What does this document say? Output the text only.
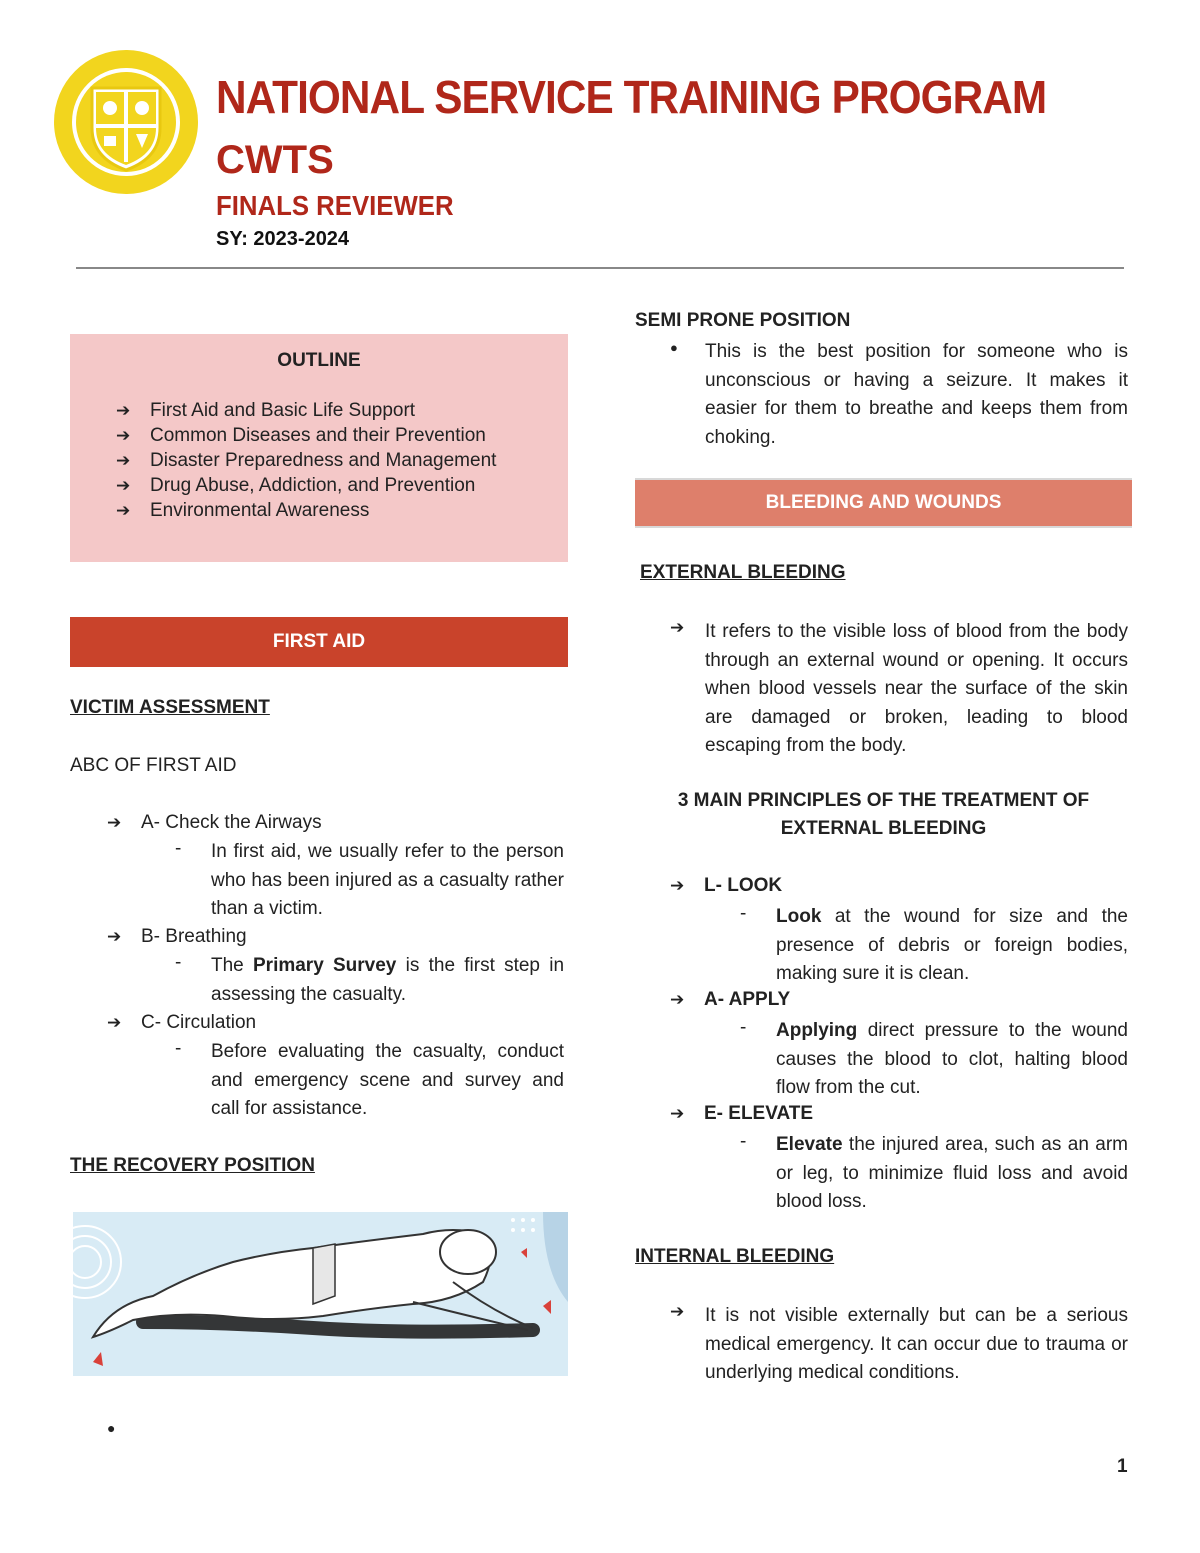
NATIONAL SERVICE TRAINING PROGRAM
CWTS
FINALS REVIEWER
SY: 2023-2024
OUTLINE
➔ First Aid and Basic Life Support
➔ Common Diseases and their Prevention
➔ Disaster Preparedness and Management
➔ Drug Abuse, Addiction, and Prevention
➔ Environmental Awareness
FIRST AID
VICTIM ASSESSMENT
ABC OF FIRST AID
➔ A- Check the Airways
- In first aid, we usually refer to the person who has been injured as a casualty rather than a victim.
➔ B- Breathing
- The Primary Survey is the first step in assessing the casualty.
➔ C- Circulation
- Before evaluating the casualty, conduct and emergency scene and survey and call for assistance.
THE RECOVERY POSITION
●
SEMI PRONE POSITION
● This is the best position for someone who is unconscious or having a seizure. It makes it easier for them to breathe and keeps them from choking.
BLEEDING AND WOUNDS
EXTERNAL BLEEDING
➔	It refers to the visible loss of blood from the body through an external wound or opening. It occurs when blood vessels near the surface of the skin are damaged or broken, leading to blood escaping from the body.
3 MAIN PRINCIPLES OF THE TREATMENT OF
EXTERNAL BLEEDING
➔ L- LOOK
- Look at the wound for size and the presence of debris or foreign bodies, making sure it is clean.
➔ A- APPLY
- Applying direct pressure to the wound causes the blood to clot, halting blood flow from the cut.
➔ E- ELEVATE
- Elevate the injured area, such as an arm or leg, to minimize fluid loss and avoid blood loss.
INTERNAL BLEEDING
➔	It is not visible externally but can be a serious medical emergency. It can occur due to trauma or underlying medical conditions.
1
